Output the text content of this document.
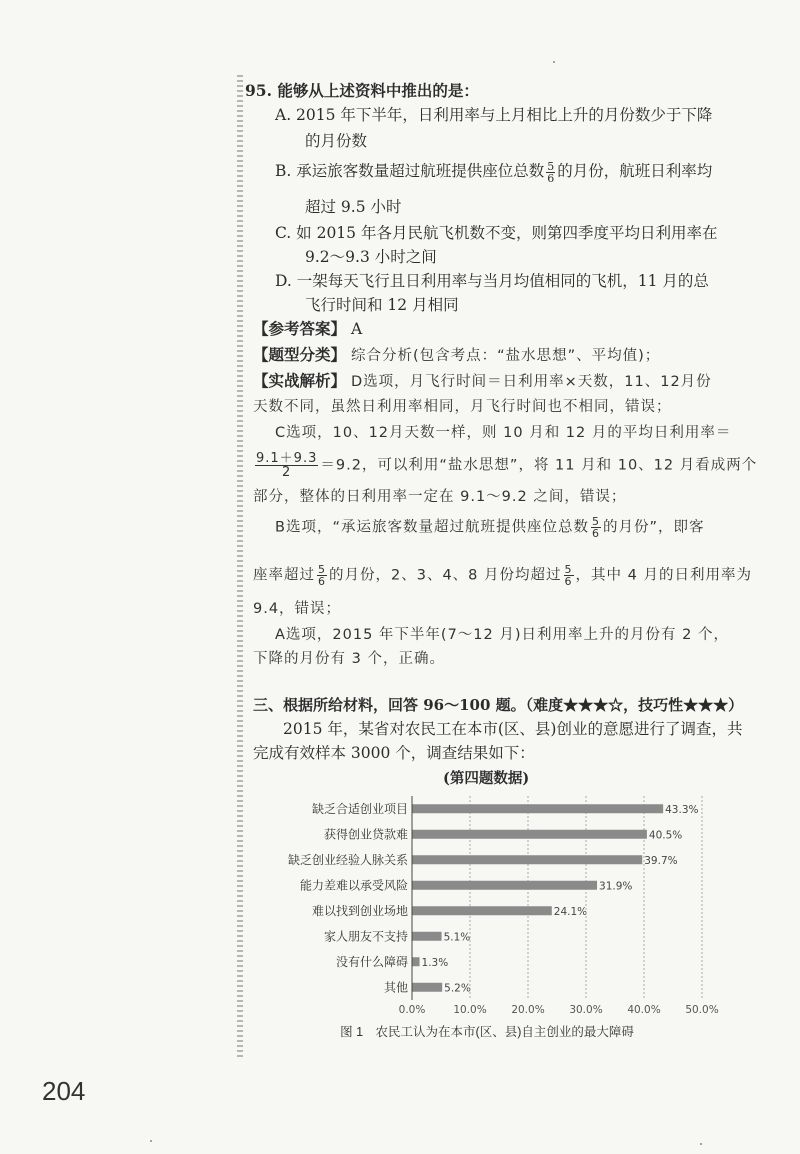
95. 能够从上述资料中推出的是：
A. 2015 年下半年，日利用率与上月相比上升的月份数少于下降
的月份数
B. 承运旅客数量超过航班提供座位总数 $\frac{5}{6}$ 的月份，航班日利率均
超过 9.5 小时
C. 如 2015 年各月民航飞机数不变，则第四季度平均日利用率在
9.2～9.3 小时之间
D. 一架每天飞行且日利用率与当月均值相同的飞机，11 月的总
飞行时间和 12 月相同
【参考答案】 A
【题型分类】 综合分析(包含考点：“盐水思想”、平均值)；
【实战解析】 D选项，月飞行时间＝日利用率×天数，11、12月份
天数不同，虽然日利用率相同，月飞行时间也不相同，错误；
C选项，10、12月天数一样，则 10 月和 12 月的平均日利用率＝
$\frac{9.1+9.3}{2} =9.2$，可以利用“盐水思想”，将 11 月和 10、12 月看成两个
部分，整体的日利用率一定在 9.1～9.2 之间，错误；
B选项，“承运旅客数量超过航班提供座位总数 $\frac{5}{6}$ 的月份”，即客
座率超过 $\frac{5}{6}$ 的月份，2、3、4、8 月份均超过 $\frac{5}{6}$ ，其中 4 月的日利用率为
9.4，错误；
A选项，2015 年下半年(7～12 月)日利用率上升的月份有 2 个，
下降的月份有 3 个，正确。
三、根据所给材料，回答 96～100 题。（难度★★★☆，技巧性★★★）
2015 年，某省对农民工在本市(区、县)创业的意愿进行了调查，共
完成有效样本 3000 个，调查结果如下：
(第四题数据)
缺乏合适创业项目
获得创业贷款难
缺乏创业经验人脉关系
能力差难以承受风险
难以找到创业场地
家人朋友不支持
没有什么障碍
其他
43.3%
40.5%
39.7%
31.9%
24.1%
5.1%
1.3%
5.2%
0.0%	10.0% 20.0% 30.0% 40.0% 50.0%
图 1　农民工认为在本市(区、县)自主创业的最大障碍
204
